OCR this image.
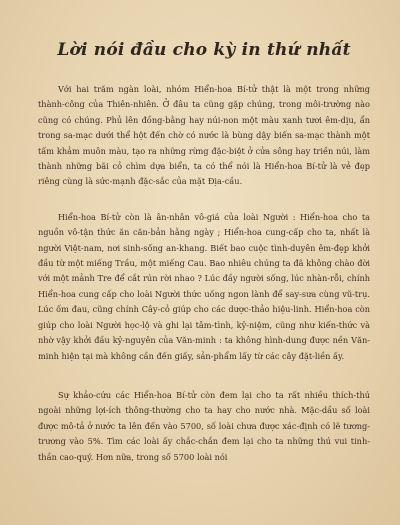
Lời nói đầu cho kỳ in thứ nhất

Với hai trăm ngàn loài, nhóm Hiển-hoa Bí-tử thật là một trong những thành-công của Thiên-nhiên. Ở đâu ta cũng gặp chúng, trong môi-trường nào cũng có chúng. Phủ lên đồng-bằng hay núi-non một màu xanh tươi êm-dịu, ẩn trong sa-mạc dưới thể hột đến chờ có nước là bùng dậy biến sa-mạc thành một tấm khảm muôn màu, tạo ra những rừng đặc-biệt ở cửa sông hay triền núi, làm thành những bãi cỏ chìm dựa biển, ta có thể nói là Hiển-hoa Bí-tử là vẻ đẹp riêng cùng là sức-mạnh đặc-sắc của mặt Địa-cầu.

Hiển-hoa Bí-tử còn là ân-nhân vô-giá của loài Người : Hiển-hoa cho ta nguồn vô-tận thức ăn căn-bản hằng ngày ; Hiển-hoa cung-cấp cho ta, nhất là người Việt-nam, nơi sinh-sống an-khang. Biết bao cuộc tình-duyên êm-đẹp khởi đầu từ một miếng Trầu, một miếng Cau. Bao nhiêu chúng ta đã không chào đời với một mảnh Tre để cắt rún rời nhao ? Lúc đầy người sống, lúc nhàn-rỗi, chính Hiển-hoa cung cấp cho loài Người thức uống ngon lành để say-sưa cùng vũ-trụ. Lúc ốm đau, cũng chính Cây-cỏ giúp cho các dược-thảo hiệu-linh. Hiển-hoa còn giúp cho loài Người học-lộ và ghi lại tâm-tình, kỷ-niệm, cũng như kiến-thức và nhờ vậy khởi đầu kỷ-nguyên của Văn-minh : ta không hình-dung được nền Văn-minh hiện tại mà không cần đến giấy, sản-phẩm lấy từ các cây đặt-liền ấy.

Sự khảo-cứu các Hiển-hoa Bí-tử còn đem lại cho ta rất nhiều thích-thú ngoài những lợi-ích thông-thường cho ta hay cho nước nhà. Mặc-dầu số loài được mô-tả ở nước ta lên đến vào 5700, số loài chưa được xác-định có lẽ tương-trương vào 5%. Tìm các loài ấy chắc-chắn đem lại cho ta những thú vui tinh-thần cao-quý. Hơn nữa, trong số 5700 loài nói
